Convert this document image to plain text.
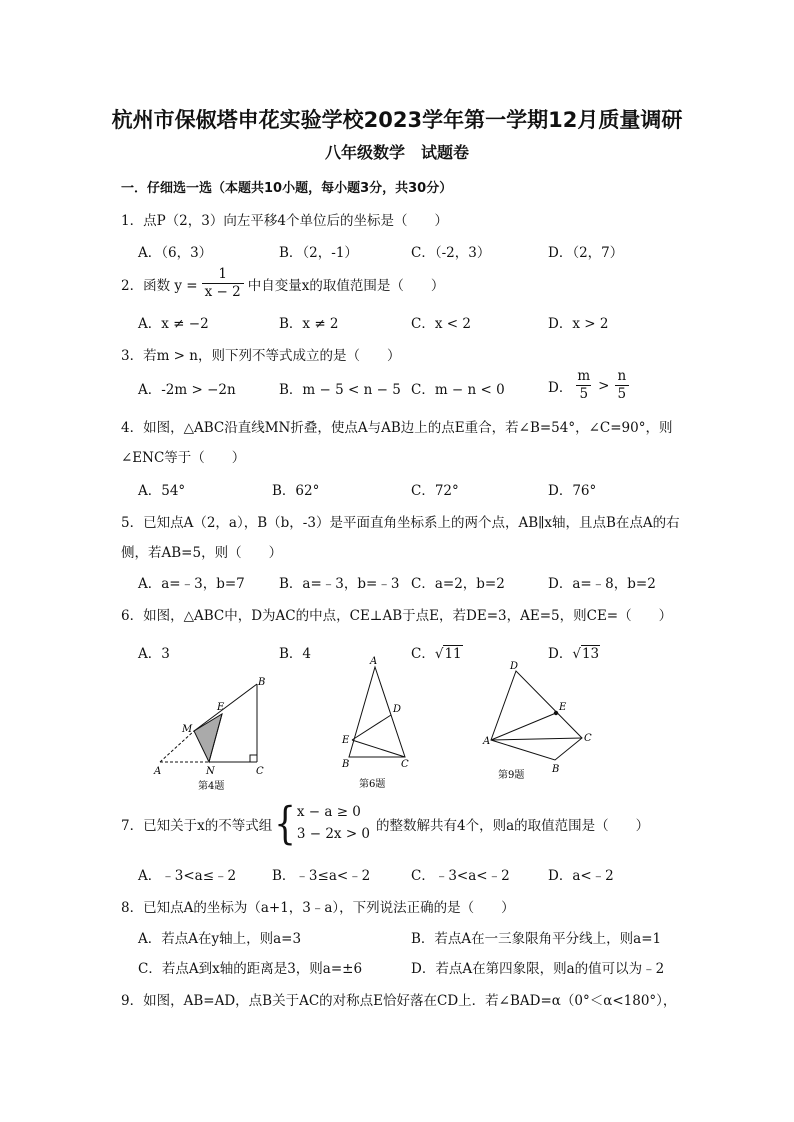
杭州市保俶塔申花实验学校2023学年第一学期12月质量调研
八年级数学　试题卷
一．仔细选一选（本题共10小题，每小题3分，共30分）
1．点P（2，3）向左平移4个单位后的坐标是（　　）
A．（6，3）	B．（2，-1）	C．（-2，3）	D．（2，7）
2．函数 $y = \frac{1}{x - 2}$ 中自变量x的取值范围是（　　）
A．x ≠ −2	B．x ≠ 2	C．x < 2	D．x > 2
3．若m > n，则下列不等式成立的是（　　）
A．-2m > −2n	B．m − 5 < n − 5 C．m − n < 0	D． $\frac{m}{5} > \frac{n}{5}$
4．如图，△ABC沿直线MN折叠，使点A与AB边上的点E重合，若∠B=54°，∠C=90°，则
∠ENC等于（　　）
A．54°	B．62°	C．72°	D．76°
5．已知点A（2，a），B（b，-3）是平面直角坐标系上的两个点，AB∥x轴，且点B在点A的右
侧，若AB=5，则（　　）
A．a=﹣3，b=7	B．a=﹣3，b=﹣3 C．a=2，b=2	D．a=﹣8，b=2
6．如图，△ABC中，D为AC的中点，CE⊥AB于点E，若DE=3，AE=5，则CE=（　　）
A．3	B．4	C．√11	D．√13
A	N	C
B
E
M
第4题
A
D
E
B	C
第6题
D
E
A	C
B
第9题
7．已知关于x的不等式组 { x − a ≥ 0
3 − 2x > 0 的整数解共有4个，则a的取值范围是（　　）
A．﹣3<a≤﹣2	B．﹣3≤a<﹣2	C．﹣3<a<﹣2	D．a<﹣2
8．已知点A的坐标为（a+1，3﹣a），下列说法正确的是（　　）
A．若点A在y轴上，则a=3	B．若点A在一三象限角平分线上，则a=1
C．若点A到x轴的距离是3，则a=±6	D．若点A在第四象限，则a的值可以为﹣2
9．如图，AB=AD，点B关于AC的对称点E恰好落在CD上．若∠BAD=α（0°＜α<180°），
